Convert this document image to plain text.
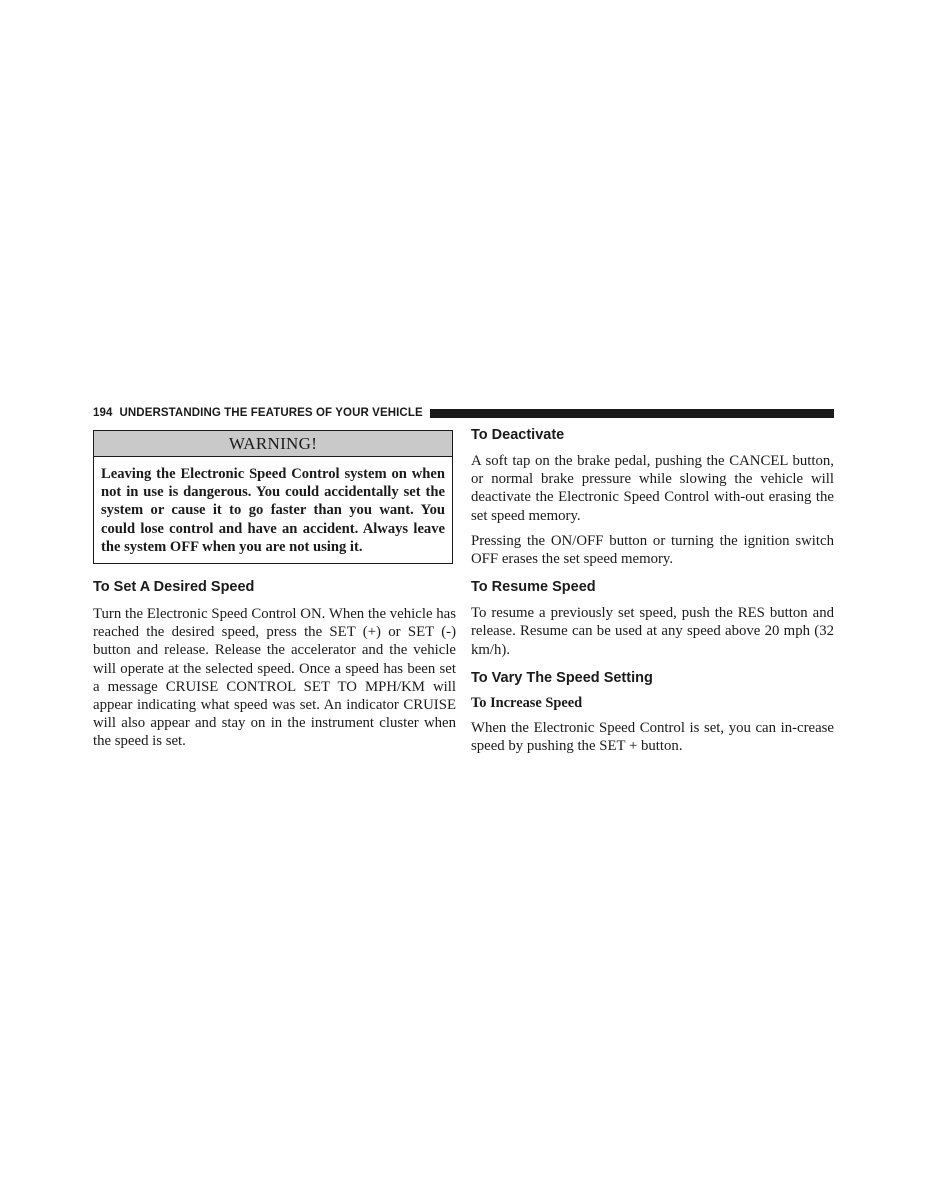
194 UNDERSTANDING THE FEATURES OF YOUR VEHICLE
WARNING!
Leaving the Electronic Speed Control system on when not in use is dangerous. You could accidentally set the system or cause it to go faster than you want. You could lose control and have an accident. Always leave the system OFF when you are not using it.
To Set A Desired Speed

Turn the Electronic Speed Control ON. When the vehicle has reached the desired speed, press the SET (+) or SET (-) button and release. Release the accelerator and the vehicle will operate at the selected speed. Once a speed has been set a message CRUISE CONTROL SET TO MPH/KM will appear indicating what speed was set. An indicator CRUISE will also appear and stay on in the instrument cluster when the speed is set.

To Deactivate

A soft tap on the brake pedal, pushing the CANCEL button, or normal brake pressure while slowing the vehicle will deactivate the Electronic Speed Control with-out erasing the set speed memory.

Pressing the ON/OFF button or turning the ignition switch OFF erases the set speed memory.

To Resume Speed

To resume a previously set speed, push the RES button and release. Resume can be used at any speed above 20 mph (32 km/h).

To Vary The Speed Setting
To Increase Speed

When the Electronic Speed Control is set, you can in-crease speed by pushing the SET + button.
